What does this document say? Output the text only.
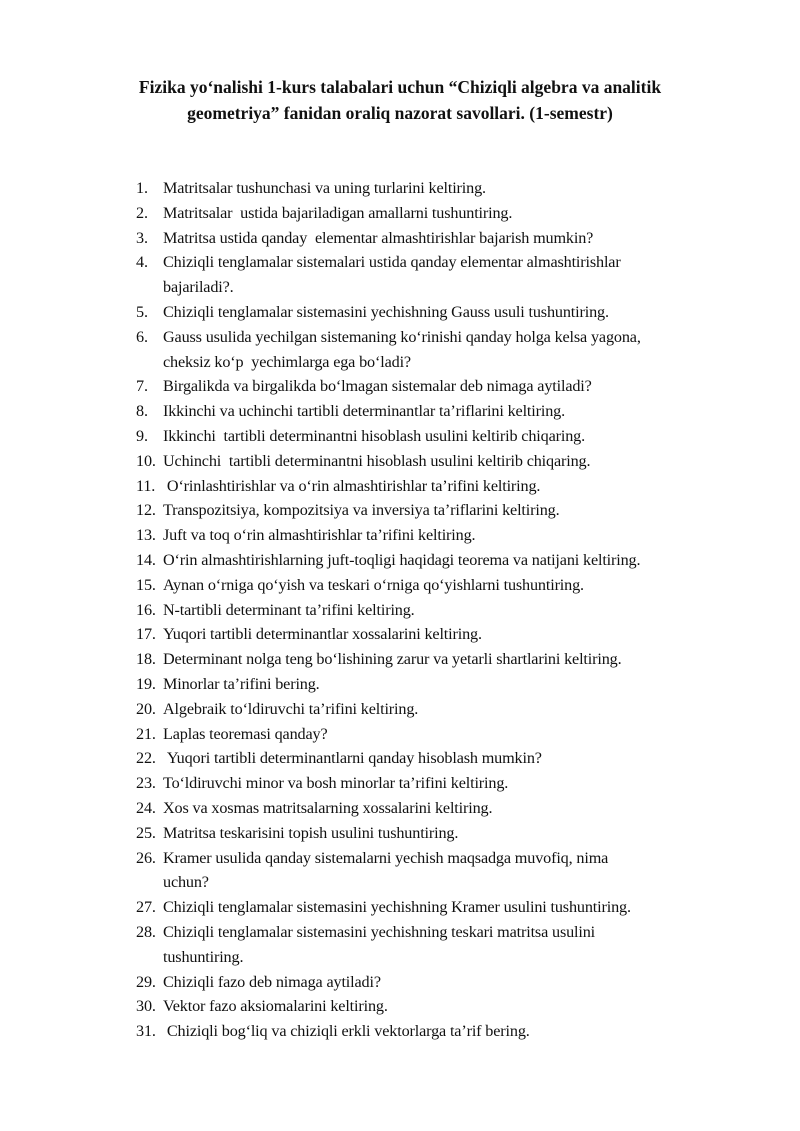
Fizika yo‘nalishi 1-kurs talabalari uchun “Chiziqli algebra va analitik
geometriya” fanidan oraliq nazorat savollari. (1-semestr)
1. Matritsalar tushunchasi va uning turlarini keltiring.
2. Matritsalar  ustida bajariladigan amallarni tushuntiring.
3. Matritsa ustida qanday  elementar almashtirishlar bajarish mumkin?
4. Chiziqli tenglamalar sistemalari ustida qanday elementar almashtirishlar
bajariladi?.
5. Chiziqli tenglamalar sistemasini yechishning Gauss usuli tushuntiring.
6. Gauss usulida yechilgan sistemaning ko‘rinishi qanday holga kelsa yagona,
cheksiz ko‘p  yechimlarga ega bo‘ladi?
7. Birgalikda va birgalikda bo‘lmagan sistemalar deb nimaga aytiladi?
8. Ikkinchi va uchinchi tartibli determinantlar ta’riflarini keltiring.
9. Ikkinchi  tartibli determinantni hisoblash usulini keltirib chiqaring.
10. Uchinchi  tartibli determinantni hisoblash usulini keltirib chiqaring.
11. O‘rinlashtirishlar va o‘rin almashtirishlar ta’rifini keltiring.
12. Transpozitsiya, kompozitsiya va inversiya ta’riflarini keltiring.
13. Juft va toq o‘rin almashtirishlar ta’rifini keltiring.
14. O‘rin almashtirishlarning juft-toqligi haqidagi teorema va natijani keltiring.
15. Aynan o‘rniga qo‘yish va teskari o‘rniga qo‘yishlarni tushuntiring.
16. N-tartibli determinant ta’rifini keltiring.
17. Yuqori tartibli determinantlar xossalarini keltiring.
18. Determinant nolga teng bo‘lishining zarur va yetarli shartlarini keltiring.
19. Minorlar ta’rifini bering.
20. Algebraik to‘ldiruvchi ta’rifini keltiring.
21. Laplas teoremasi qanday?
22. Yuqori tartibli determinantlarni qanday hisoblash mumkin?
23. To‘ldiruvchi minor va bosh minorlar ta’rifini keltiring.
24. Xos va xosmas matritsalarning xossalarini keltiring.
25. Matritsa teskarisini topish usulini tushuntiring.
26. Kramer usulida qanday sistemalarni yechish maqsadga muvofiq, nima
uchun?
27. Chiziqli tenglamalar sistemasini yechishning Kramer usulini tushuntiring.
28. Chiziqli tenglamalar sistemasini yechishning teskari matritsa usulini
tushuntiring.
29. Chiziqli fazo deb nimaga aytiladi?
30. Vektor fazo aksiomalarini keltiring.
31. Chiziqli bog‘liq va chiziqli erkli vektorlarga ta’rif bering.
